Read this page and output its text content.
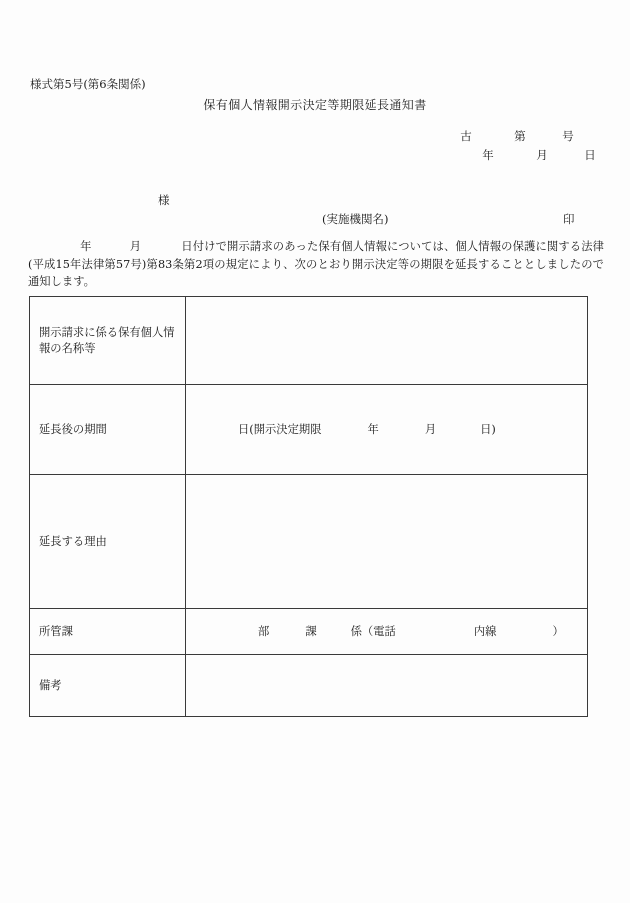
様式第5号(第6条関係)
保有個人情報開示決定等期限延長通知書
古	第	号
年	月	日
様
(実施機関名)	印
年	月	日付けで開示請求のあった保有個人情報については、個人情報の保護に関する法律(平成15年法律第57号)第83条第2項の規定により、次のとおり開示決定等の期限を延長することとしましたので通知します。
開示請求に係る保有個人情報の名称等	
延長後の期間	日(開示決定期限 年 月 日)

延長する理由	
所管課	部 課 係（電話 内線 ）

備考	
